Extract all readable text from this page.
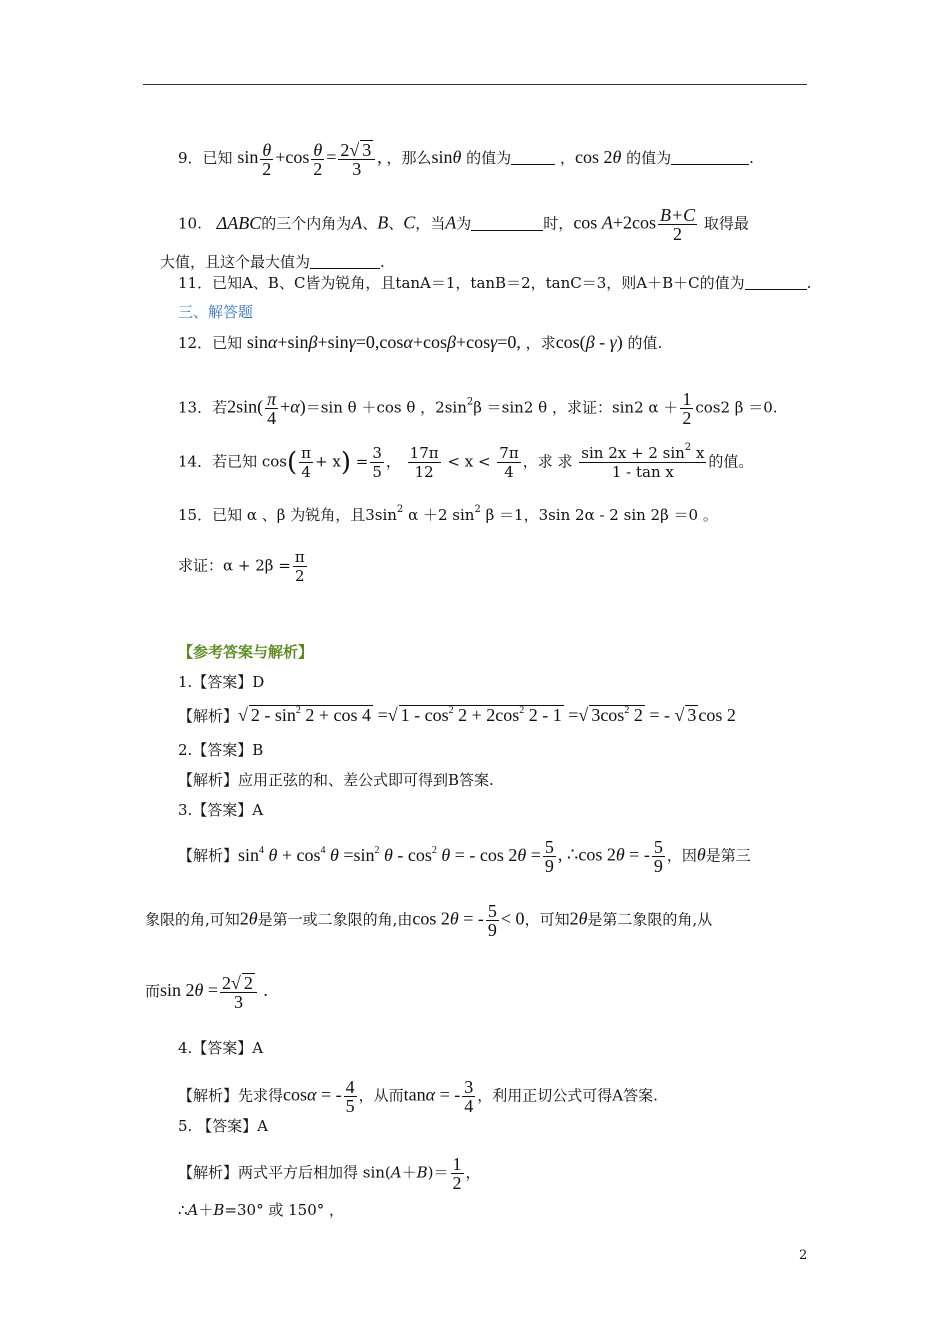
9．已知 $\sin \frac{\theta}{2} +\cos \frac{\theta}{2} = \frac{2√ 3}{3}$ , ，那么sinθ 的值为	，cos 2θ 的值为	.
10. ΔABC的三个内角为A、B、C，当A为	时，$\cos A+2\cos \frac{B+C}{2}$ 取得最
大值，且这个最大值为	.
11．已知A、B、C皆为锐角，且tanA＝1，tanB＝2，tanC＝3，则A＋B＋C的值为	.
三、解答题
12．已知 sinα+sinβ+sinγ=0,cosα+cosβ+cosγ=0, ，求cos(β - γ) 的值.
13．若$2\sin( \frac{\pi}{4} +\alpha)=\sin$ θ ＋cos θ ，$2\sin^2\beta =\sin 2$ θ ，求证：sin2 $\alpha + \frac{1}{2} \cos 2$ β ＝0.
14．若已知 $\cos( \frac{\pi}{4} + x) = \frac{3}{5}$ ， $\frac{17\pi}{12} < x < \frac{7\pi}{4}$ ，求 求 $\frac{\sin 2x + 2 \sin^2 x}{\text{1 - tan x}}$ 的值。
15．已知 α 、β 为锐角，且$3\sin^2$ α ＋2 $\sin^2 \beta =1$，3sin 2α - 2 sin 2β ＝0 。
求证：$\alpha + 2\beta = \frac{\pi}{2}$
【参考答案与解析】
1.【答案】D
【解析】√ $2 - \sin^2 2 + \cos 4$ =√ $1 - \cos^2 2 + 2\cos^2$ 2 - 1 =√ $3\cos^2$ 2 = - √ 3 cos 2
2.【答案】B
【解析】应用正弦的和、差公式即可得到B答案.
3.【答案】A
【解析】$\sin^4 \theta + \cos^4 \theta =\sin^2$ θ - $\cos^2 \theta$ = - $\cos 2\theta = \frac{5}{9}$ , ∴cos 2θ = - $\frac{5}{9}$ ，因θ是第三
象限的角,可知2θ是第一或二象限的角,由cos 2θ = - $\frac{5}{9} < 0$，可知2θ是第二象限的角,从
而$\sin 2\theta = \frac{2√ 2}{3}$ .
4.【答案】A
【解析】先求得cosα = - $\frac{4}{5}$ ，从而tanα = - $\frac{3}{4}$ ，利用正切公式可得A答案.
5. 【答案】A
【解析】两式平方后相加得 $\sin(A+B)= \frac{1}{2}$ ，
∴A＋B=30° 或 150° ，
2
